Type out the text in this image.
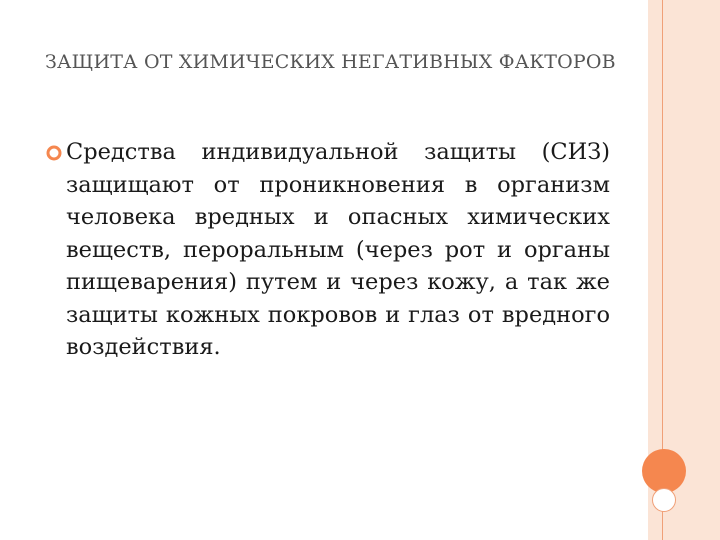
ЗАЩИТА ОТ ХИМИЧЕСКИХ НЕГАТИВНЫХ ФАКТОРОВ
Средства индивидуальной защиты (СИЗ) защищают от проникновения в организм человека вредных и опасных химических веществ, пероральным (через рот и органы пищеварения) путем и через кожу, а так же защиты кожных покровов и глаз от вредного воздействия.
